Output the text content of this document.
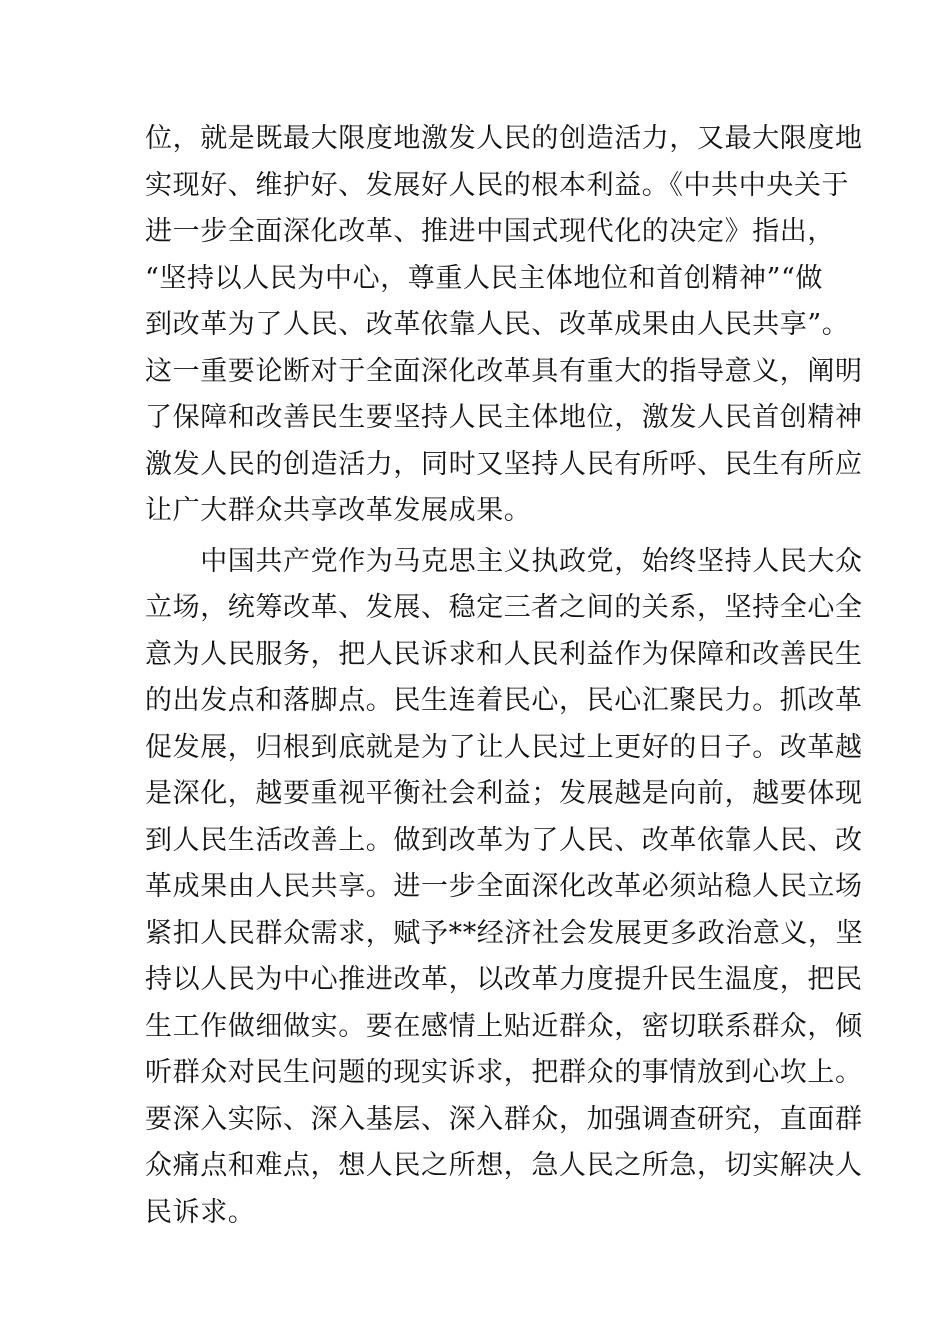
位，就是既最大限度地激发人民的创造活力，又最大限度地
实现好、维护好、发展好人民的根本利益。《中共中央关于
进一步全面深化改革、推进中国式现代化的决定》指出，
“坚持以人民为中心，尊重人民主体地位和首创精神”“做
到改革为了人民、改革依靠人民、改革成果由人民共享”。
这一重要论断对于全面深化改革具有重大的指导意义，阐明
了保障和改善民生要坚持人民主体地位，激发人民首创精神
激发人民的创造活力，同时又坚持人民有所呼、民生有所应
让广大群众共享改革发展成果。
　　中国共产党作为马克思主义执政党，始终坚持人民大众
立场，统筹改革、发展、稳定三者之间的关系，坚持全心全
意为人民服务，把人民诉求和人民利益作为保障和改善民生
的出发点和落脚点。民生连着民心，民心汇聚民力。抓改革
促发展，归根到底就是为了让人民过上更好的日子。改革越
是深化，越要重视平衡社会利益；发展越是向前，越要体现
到人民生活改善上。做到改革为了人民、改革依靠人民、改
革成果由人民共享。进一步全面深化改革必须站稳人民立场
紧扣人民群众需求，赋予**经济社会发展更多政治意义，坚
持以人民为中心推进改革，以改革力度提升民生温度，把民
生工作做细做实。要在感情上贴近群众，密切联系群众，倾
听群众对民生问题的现实诉求，把群众的事情放到心坎上。
要深入实际、深入基层、深入群众，加强调查研究，直面群
众痛点和难点，想人民之所想，急人民之所急，切实解决人
民诉求。
